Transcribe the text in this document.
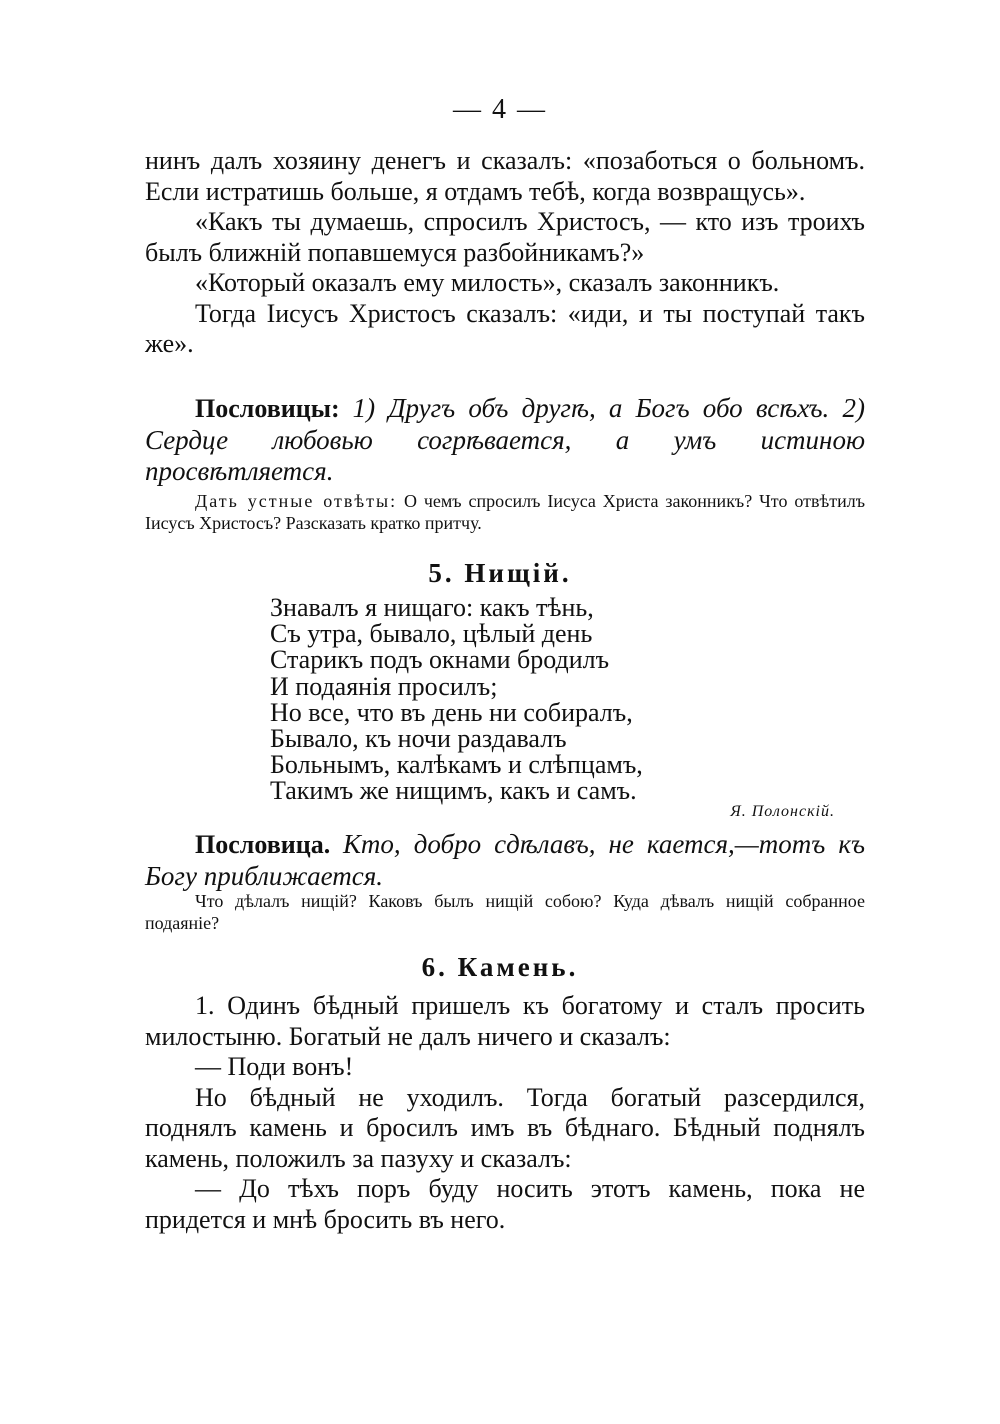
— 4 —

нинъ далъ хозяину денегъ и сказалъ: «позаботься о больномъ. Если истратишь больше, я отдамъ тебѣ, когда возвращусь».

«Какъ ты думаешь, спросилъ Христосъ, — кто изъ троихъ былъ ближній попавшемуся разбойникамъ?»

«Который оказалъ ему милость», сказалъ законникъ.

Тогда Іисусъ Христосъ сказалъ: «иди, и ты поступай такъ же».

Пословицы: 1) Другъ объ другѣ, а Богъ обо всѣхъ. 2) Сердце любовью согрѣвается, а умъ истиною просвѣтляется.

Дать устные отвѣты: О чемъ спросилъ Іисуса Христа законникъ? Что отвѣтилъ Іисусъ Христосъ? Разсказать кратко притчу.
5. Нищій.
Знавалъ я нищаго: какъ тѣнь,
Съ утра, бывало, цѣлый день
Старикъ подъ окнами бродилъ
И подаянія просилъ;
Но все, что въ день ни собиралъ,
Бывало, къ ночи раздавалъ
Больнымъ, калѣкамъ и слѣпцамъ,
Такимъ же нищимъ, какъ и самъ.
Я. Полонскій.

Пословица. Кто, добро сдѣлавъ, не кается,—тотъ къ Богу приближается.

Что дѣлалъ нищій? Каковъ былъ нищій собою? Куда дѣвалъ нищій собранное подаяніе?
6. Камень.

1. Одинъ бѣдный пришелъ къ богатому и сталъ просить милостыню. Богатый не далъ ничего и сказалъ:

— Поди вонъ!

Но бѣдный не уходилъ. Тогда богатый разсердился, поднялъ камень и бросилъ имъ въ бѣднаго. Бѣдный поднялъ камень, положилъ за пазуху и сказалъ:

— До тѣхъ поръ буду носить этотъ камень, пока не придется и мнѣ бросить въ него.
